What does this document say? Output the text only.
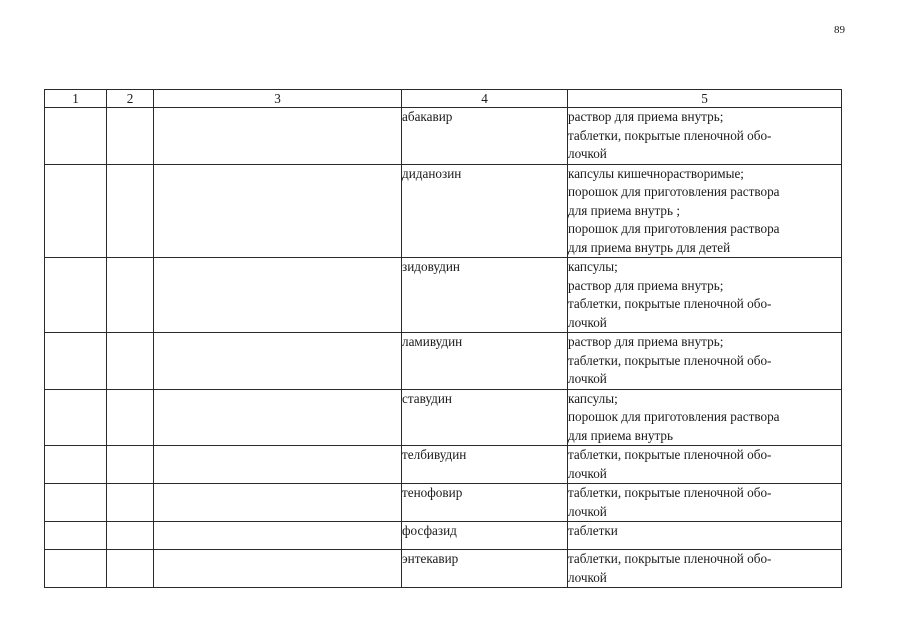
89
1	2	3	4	5
			абакавир	раствор для приема внутрь;
таблетки, покрытые пленочной обо-
лочкой

			диданозин	капсулы кишечнорастворимые;
порошок для приготовления раствора
для приема внутрь ;
порошок для приготовления раствора
для приема внутрь для детей

			зидовудин	капсулы;
раствор для приема внутрь;
таблетки, покрытые пленочной обо-
лочкой

			ламивудин	раствор для приема внутрь;
таблетки, покрытые пленочной обо-
лочкой

			ставудин	капсулы;
порошок для приготовления раствора
для приема внутрь

			телбивудин	таблетки, покрытые пленочной обо-
лочкой

			тенофовир	таблетки, покрытые пленочной обо-
лочкой

			фосфазид	таблетки

			энтекавир	таблетки, покрытые пленочной обо-
лочкой
